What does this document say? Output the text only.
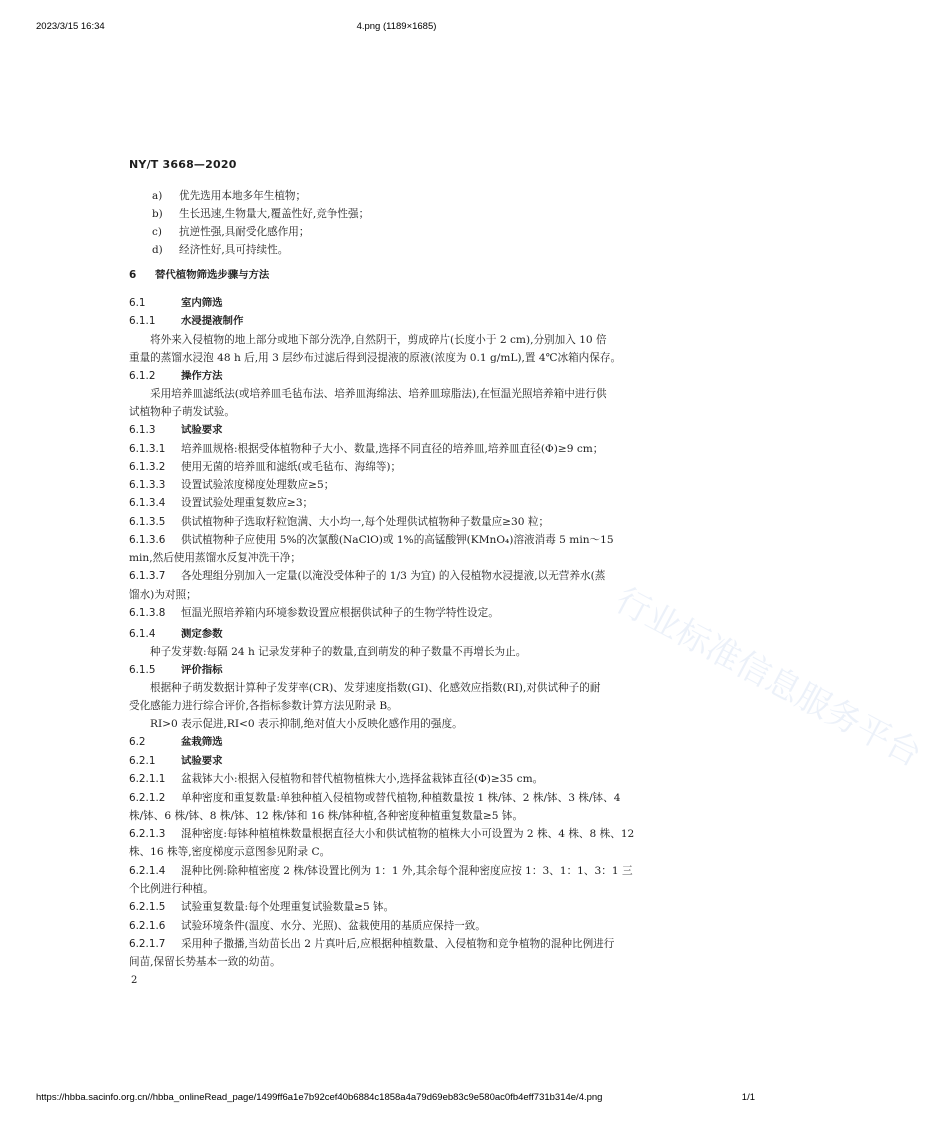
2023/3/15 16:34	4.png (1189×1685)
行业标准信息服务平台
NY/T 3668—2020
a) 优先选用本地多年生植物；
b) 生长迅速,生物量大,覆盖性好,竞争性强；
c) 抗逆性强,具耐受化感作用；
d) 经济性好,具可持续性。
6 替代植物筛选步骤与方法
6.1	室内筛选
6.1.1 水浸提液制作
将外来入侵植物的地上部分或地下部分洗净,自然阴干，剪成碎片(长度小于 2 cm),分别加入 10 倍
重量的蒸馏水浸泡 48 h 后,用 3 层纱布过滤后得到浸提液的原液(浓度为 0.1 g/mL),置 4℃冰箱内保存。
6.1.2 操作方法
采用培养皿滤纸法(或培养皿毛毡布法、培养皿海绵法、培养皿琼脂法),在恒温光照培养箱中进行供
试植物种子萌发试验。
6.1.3 试验要求
6.1.3.1 培养皿规格:根据受体植物种子大小、数量,选择不同直径的培养皿,培养皿直径(Φ)≥9 cm；
6.1.3.2 使用无菌的培养皿和滤纸(或毛毡布、海绵等)；
6.1.3.3 设置试验浓度梯度处理数应≥5；
6.1.3.4 设置试验处理重复数应≥3；
6.1.3.5 供试植物种子选取籽粒饱满、大小均一,每个处理供试植物种子数量应≥30 粒；
6.1.3.6 供试植物种子应使用 5%的次氯酸(NaClO)或 1%的高锰酸钾(KMnO₄)溶液消毒 5 min～15
min,然后使用蒸馏水反复冲洗干净；
6.1.3.7 各处理组分别加入一定量(以淹没受体种子的 1/3 为宜) 的入侵植物水浸提液,以无营养水(蒸
馏水)为对照；
6.1.3.8 恒温光照培养箱内环境参数设置应根据供试种子的生物学特性设定。
6.1.4 测定参数
种子发芽数:每隔 24 h 记录发芽种子的数量,直到萌发的种子数量不再增长为止。
6.1.5 评价指标
根据种子萌发数据计算种子发芽率(CR)、发芽速度指数(GI)、化感效应指数(RI),对供试种子的耐
受化感能力进行综合评价,各指标参数计算方法见附录 B。
RI>0 表示促进,RI<0 表示抑制,绝对值大小反映化感作用的强度。
6.2	盆栽筛选
6.2.1 试验要求
6.2.1.1 盆栽钵大小:根据入侵植物和替代植物植株大小,选择盆栽钵直径(Φ)≥35 cm。
6.2.1.2 单种密度和重复数量:单独种植入侵植物或替代植物,种植数量按 1 株/钵、2 株/钵、3 株/钵、4
株/钵、6 株/钵、8 株/钵、12 株/钵和 16 株/钵种植,各种密度种植重复数量≥5 钵。
6.2.1.3 混种密度:每钵种植植株数量根据直径大小和供试植物的植株大小可设置为 2 株、4 株、8 株、12
株、16 株等,密度梯度示意图参见附录 C。
6.2.1.4 混种比例:除种植密度 2 株/钵设置比例为 1：1 外,其余每个混种密度应按 1：3、1：1、3：1 三
个比例进行种植。
6.2.1.5 试验重复数量:每个处理重复试验数量≥5 钵。
6.2.1.6 试验环境条件(温度、水分、光照)、盆栽使用的基质应保持一致。
6.2.1.7 采用种子撒播,当幼苗长出 2 片真叶后,应根据种植数量、入侵植物和竞争植物的混种比例进行
间苗,保留长势基本一致的幼苗。
2
https://hbba.sacinfo.org.cn//hbba_onlineRead_page/1499ff6a1e7b92cef40b6884c1858a4a79d69eb83c9e580ac0fb4eff731b314e/4.png	1/1
